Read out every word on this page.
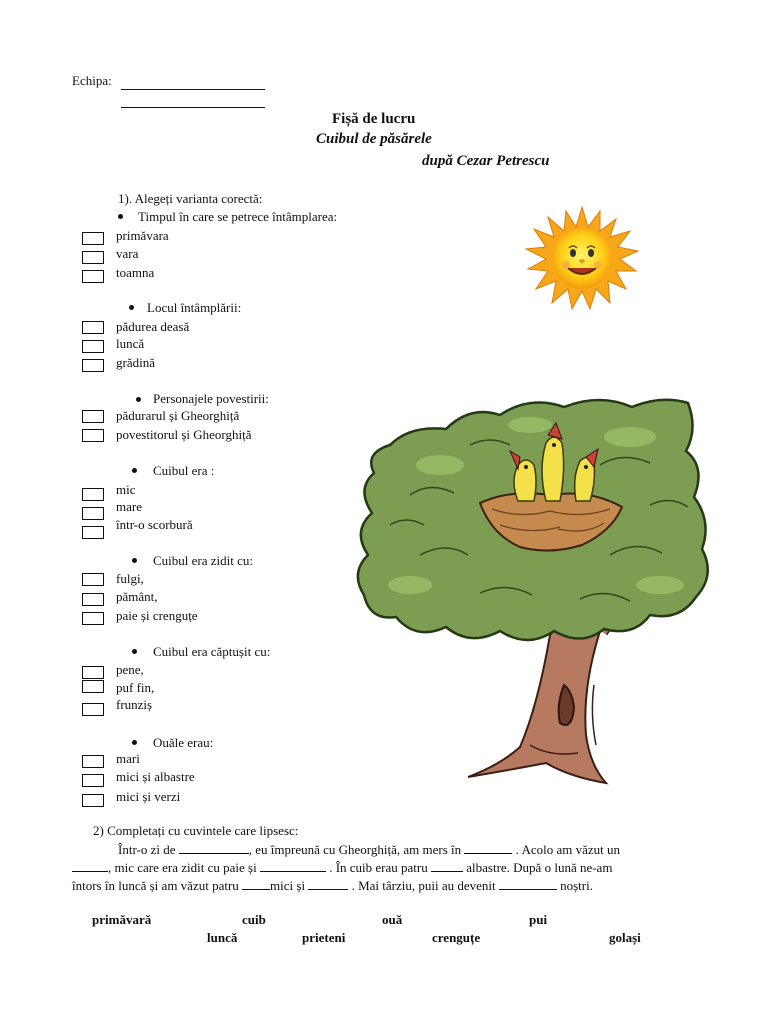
Echipa:
Fișă de lucru
Cuibul de păsărele
după Cezar Petrescu
1). Alegeți varianta corectă:
Timpul în care se petrece întâmplarea:
primăvara
vara
toamna
Locul întâmplării:
pădurea deasă
luncă
grădină
Personajele povestirii:
pădurarul și Gheorghiță
povestitorul și Gheorghiță
Cuibul era :
mic
mare
într-o scorbură
Cuibul era zidit cu:
fulgi,
pământ,
paie și crenguțe
Cuibul era căptușit cu:
pene,
puf fin,
frunziș
Ouăle erau:
mari
mici și albastre
mici și verzi
2) Completați cu cuvintele care lipsesc:
Într-o zi de	, eu împreună cu Gheorghiță, am mers în	. Acolo am văzut un
, mic care era zidit cu paie și	. În cuib erau patru  albastre. După o lună ne-am
întors în luncă și am văzut patru mici și	. Mai târziu, puii au devenit	noștri.
primăvară	cuib	ouă	pui
luncă	prieteni	crenguțe	golași
